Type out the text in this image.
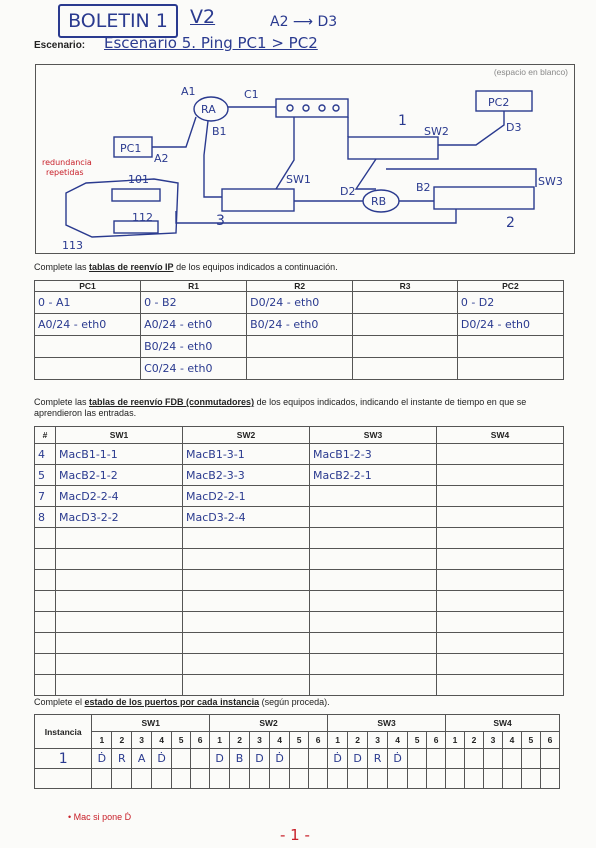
BOLETIN 1	V2	A2 ⟶ D3
Escenario: Escenario 5. Ping PC1 > PC2
(espacio en blanco)
PC1
RA
A1
A2
B1
C1
PC2
D3
SW2
1
SW1
3
RB
D2	B2	SW3
2
101
112
113
redundancia
repetidas
Complete las tablas de reenvío IP de los equipos indicados a continuación.
PC1	R1	R2	R3	PC2
0 - A1	0 - B2	D0/24 - eth0		0 - D2
A0/24 - eth0	A0/24 - eth0	B0/24 - eth0		D0/24 - eth0
	B0/24 - eth0			
	C0/24 - eth0			
Complete las tablas de reenvío FDB (conmutadores) de los equipos indicados, indicando el instante de tiempo en que se aprendieron las entradas.
#	SW1	SW2	SW3	SW4
4	MacB1-1-1	MacB1-3-1	MacB1-2-3	
5	MacB2-1-2	MacB2-3-3	MacB2-2-1	
7	MacD2-2-4	MacD2-2-1		
8	MacD3-2-2	MacD3-2-4		

Complete el estado de los puertos por cada instancia (según proceda).
Instancia	SW1						SW2						SW3						SW4					
	1	2	3	4	5	6	1	2	3	4	5	6	1	2	3	4	5	6	1	2	3	4	5	6
1	Ḋ	R	A	Ḋ			D	B	D	Ḋ			Ḋ	D	R	Ḋ								

• Mac si pone Ḋ
- 1 -
